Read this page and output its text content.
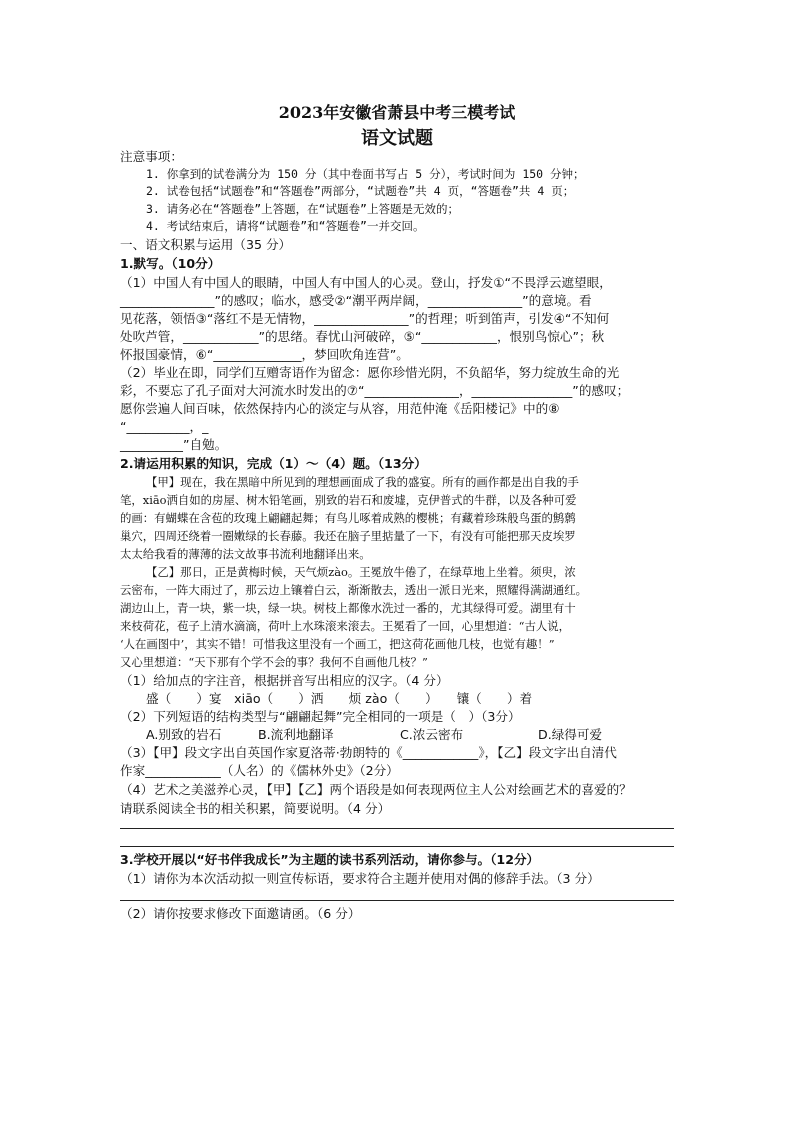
2023年安徽省萧县中考三模考试
语文试题
注意事项：
1. 你拿到的试卷满分为 150 分（其中卷面书写占 5 分），考试时间为 150 分钟；
2. 试卷包括“试题卷”和“答题卷”两部分，“试题卷”共 4 页，“答题卷”共 4 页；
3. 请务必在“答题卷”上答题，在“试题卷”上答题是无效的；
4. 考试结束后，请将“试题卷”和“答题卷”一并交回。
一、语文积累与运用（35 分）
1.默写。（10分）
（1）中国人有中国人的眼睛，中国人有中国人的心灵。登山，抒发①“不畏浮云遮望眼，
_______________”的感叹；临水，感受②“潮平两岸阔，_______________”的意境。看
见花落，领悟③“落红不是无情物，_______________”的哲理；听到笛声，引发④“不知何
处吹芦管，____________”的思绪。春忧山河破碎，⑤“____________，恨别鸟惊心”；秋
怀报国豪情，⑥“______________，梦回吹角连营”。
（2）毕业在即，同学们互赠寄语作为留念：愿你珍惜光阴，不负韶华，努力绽放生命的光
彩，不要忘了孔子面对大河流水时发出的⑦“_______________，________________”的感叹；
愿你尝遍人间百味，依然保持内心的淡定与从容，用范仲淹《岳阳楼记》中的⑧
“__________，_
__________”自勉。
2.请运用积累的知识，完成（1）～（4）题。（13分）
【甲】现在，我在黑暗中所见到的理想画面成了我的盛宴。所有的画作都是出自我的手
笔，xiāo洒自如的房屋、树木铅笔画，别致的岩石和废墟，克伊普式的牛群，以及各种可爱
的画：有蝴蝶在含苞的玫瑰上翩翩起舞；有鸟儿啄着成熟的樱桃；有藏着珍珠般鸟蛋的鹪鹩
巢穴，四周还绕着一圈嫩绿的长春藤。我还在脑子里掂量了一下，有没有可能把那天皮埃罗
太太给我看的薄薄的法文故事书流利地翻译出来。
【乙】那日，正是黄梅时候，天气烦zào。王冕放牛倦了，在绿草地上坐着。须臾，浓
云密布，一阵大雨过了，那云边上镶着白云，渐渐散去，透出一派日光来，照耀得满湖通红。
湖边山上，青一块，紫一块，绿一块。树枝上都像水洗过一番的，尤其绿得可爱。湖里有十
来枝荷花，苞子上清水滴滴，荷叶上水珠滚来滚去。王冕看了一回，心里想道：“古人说，
‘人在画图中’，其实不错！可惜我这里没有一个画工，把这荷花画他几枝，也觉有趣！”
又心里想道：“天下那有个学不会的事？我何不自画他几枝？”
（1）给加点的字注音，根据拼音写出相应的汉字。（4 分）
盛（　　）宴　xiāo（　　）洒　　烦 zào（　　）　　镶（　　）着
（2）下列短语的结构类型与“翩翩起舞”完全相同的一项是（　）（3分）
A.别致的岩石	B.流利地翻译	C.浓云密布	D.绿得可爱
（3）【甲】段文字出自英国作家夏洛蒂·勃朗特的《____________》，【乙】段文字出自清代
作家____________（人名）的《儒林外史》（2分）
（4）艺术之美滋养心灵，【甲】【乙】两个语段是如何表现两位主人公对绘画艺术的喜爱的？
请联系阅读全书的相关积累，简要说明。（4 分）
3.学校开展以“好书伴我成长”为主题的读书系列活动，请你参与。（12分）
（1）请你为本次活动拟一则宣传标语，要求符合主题并使用对偶的修辞手法。（3 分）
（2）请你按要求修改下面邀请函。（6 分）
